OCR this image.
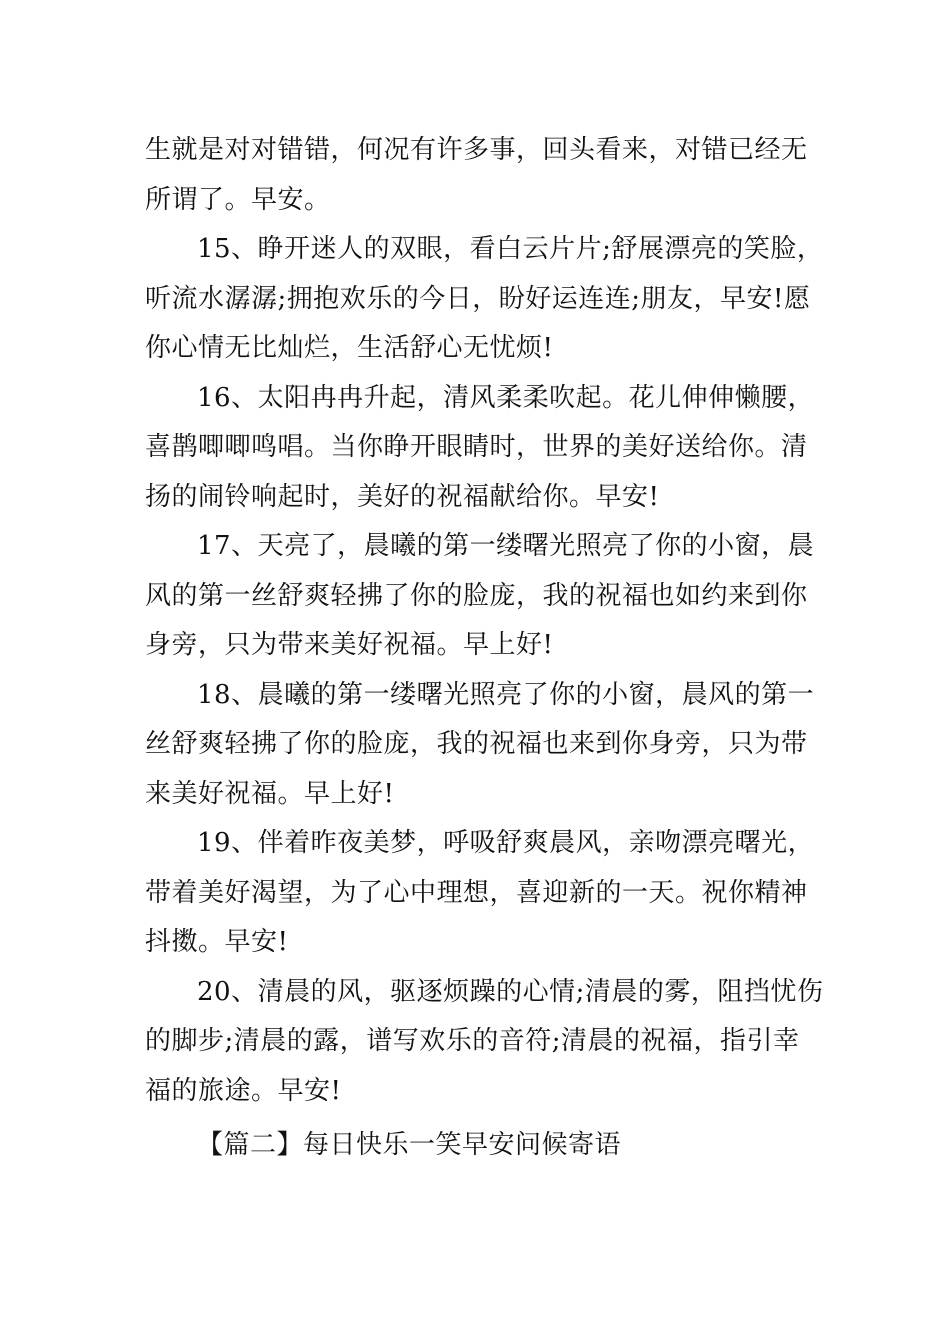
生就是对对错错，何况有许多事，回头看来，对错已经无
所谓了。早安。
15、睁开迷人的双眼，看白云片片;舒展漂亮的笑脸，
听流水潺潺;拥抱欢乐的今日，盼好运连连;朋友，早安!愿
你心情无比灿烂，生活舒心无忧烦!
16、太阳冉冉升起，清风柔柔吹起。花儿伸伸懒腰，
喜鹊唧唧鸣唱。当你睁开眼睛时，世界的美好送给你。清
扬的闹铃响起时，美好的祝福献给你。早安!
17、天亮了，晨曦的第一缕曙光照亮了你的小窗，晨
风的第一丝舒爽轻拂了你的脸庞，我的祝福也如约来到你
身旁，只为带来美好祝福。早上好!
18、晨曦的第一缕曙光照亮了你的小窗，晨风的第一
丝舒爽轻拂了你的脸庞，我的祝福也来到你身旁，只为带
来美好祝福。早上好!
19、伴着昨夜美梦，呼吸舒爽晨风，亲吻漂亮曙光，
带着美好渴望，为了心中理想，喜迎新的一天。祝你精神
抖擞。早安!
20、清晨的风，驱逐烦躁的心情;清晨的雾，阻挡忧伤
的脚步;清晨的露，谱写欢乐的音符;清晨的祝福，指引幸
福的旅途。早安!
【篇二】每日快乐一笑早安问候寄语
